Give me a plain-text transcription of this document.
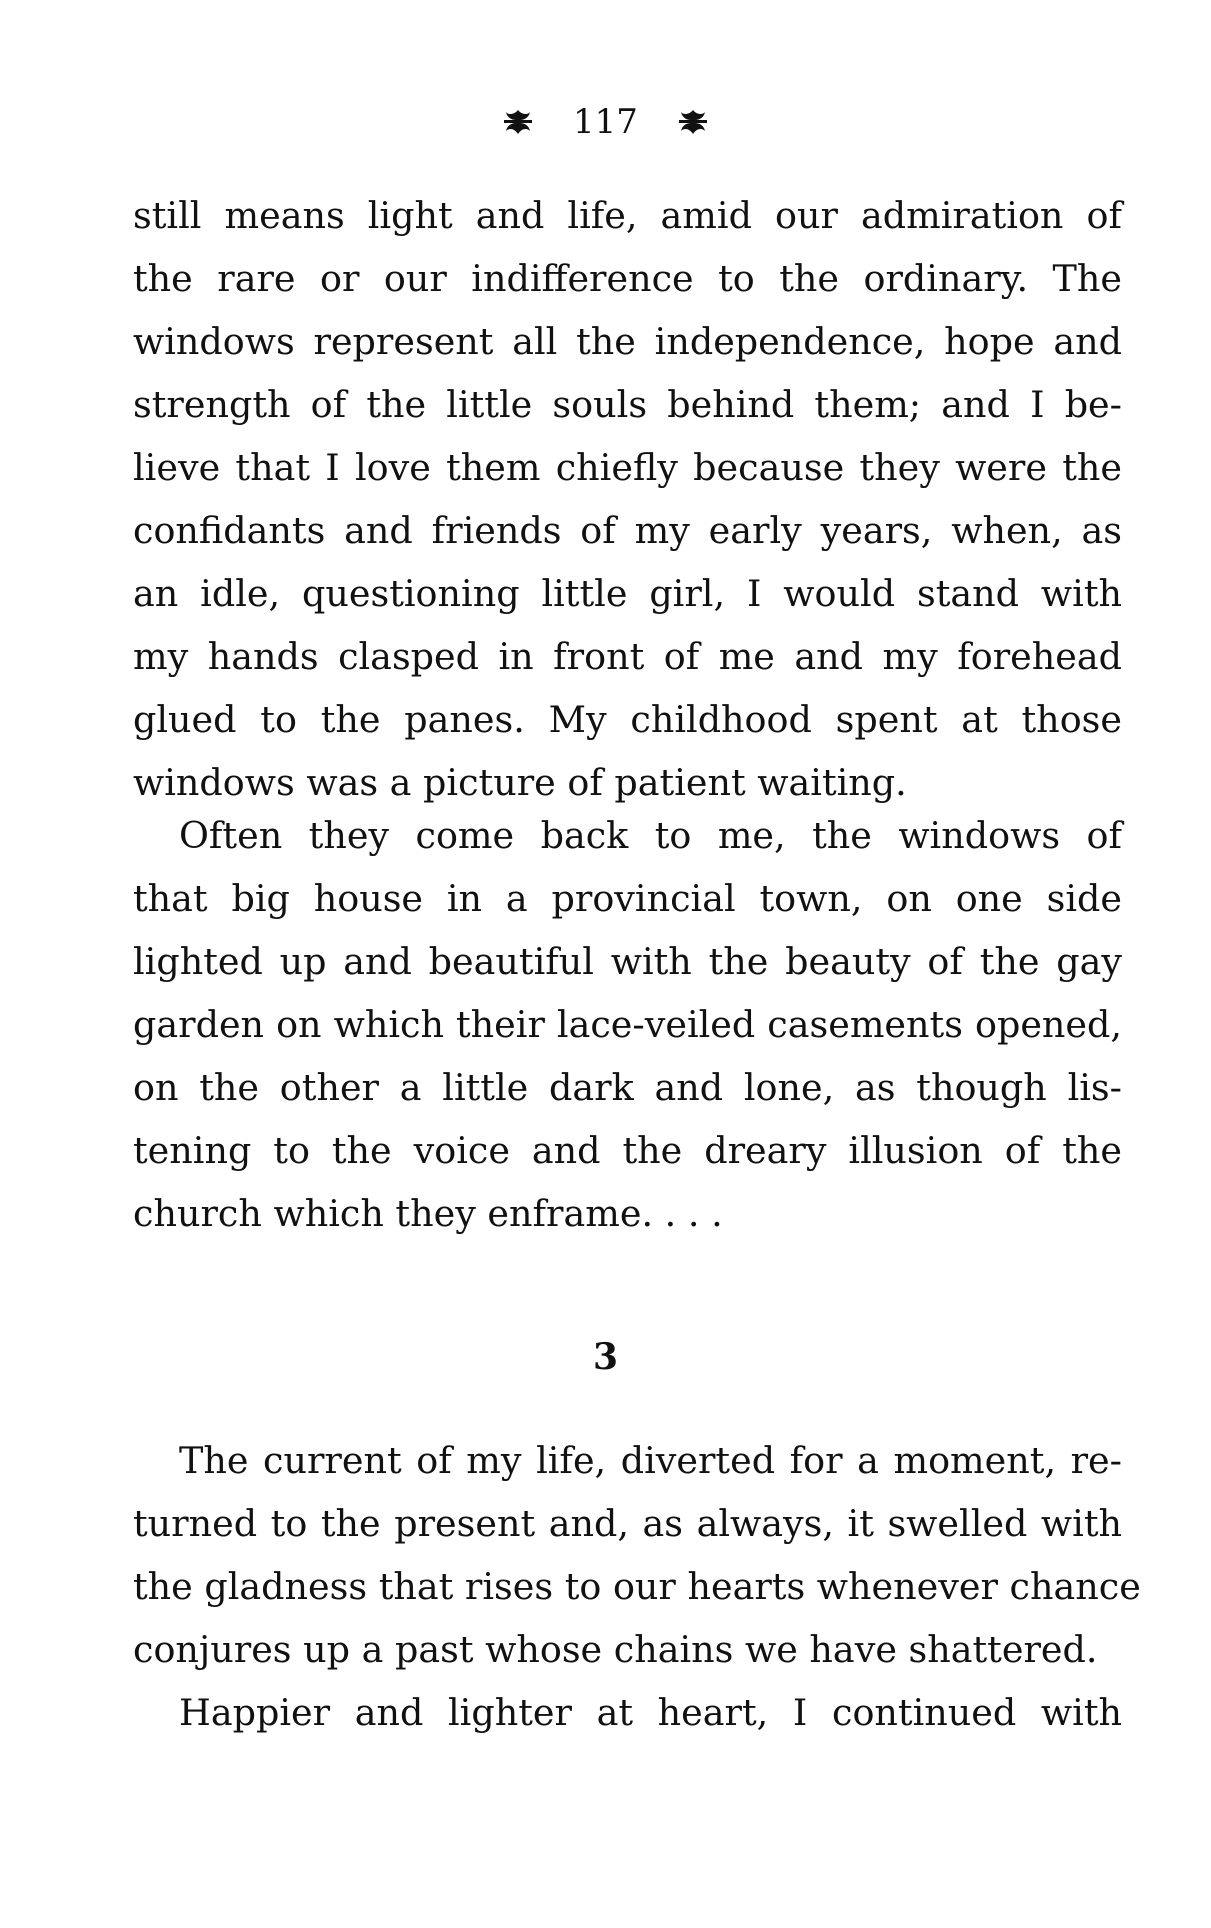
117
still means light and life, amid our admiration of
the rare or our indifference to the ordinary. The
windows represent all the independence, hope and
strength of the little souls behind them; and I be-
lieve that I love them chiefly because they were the
confidants and friends of my early years, when, as
an idle, questioning little girl, I would stand with
my hands clasped in front of me and my forehead
glued to the panes. My childhood spent at those
windows was a picture of patient waiting.
Often they come back to me, the windows of
that big house in a provincial town, on one side
lighted up and beautiful with the beauty of the gay
garden on which their lace-veiled casements opened,
on the other a little dark and lone, as though lis-
tening to the voice and the dreary illusion of the
church which they enframe. . . .
3
The current of my life, diverted for a moment, re-
turned to the present and, as always, it swelled with
the gladness that rises to our hearts whenever chance
conjures up a past whose chains we have shattered.
Happier and lighter at heart, I continued with
